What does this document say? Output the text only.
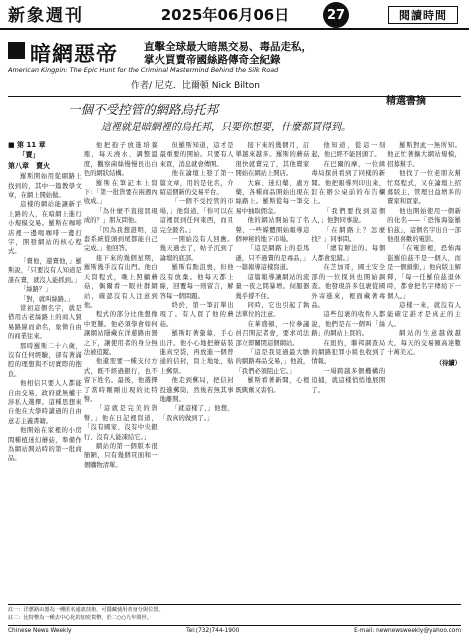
新象週刊	2025年06月06日	27	閱讀時間
暗網惡帝 直擊全球最大暗黑交易、毒品走私，
掌火買賣帝國絲路傳奇全紀錄
American Kingpin: The Epic Hunt for the Criminal Mastermind Behind the Silk Road
作者/ 尼克．比爾頓 Nick Bilton
精選書摘
一個不受控管的網路烏托邦
這裡就是暗網裡的烏托邦，只要你想要，什麼都買得到。

■ 第 11 章

　　「賣」

第八章　賣火

羅斯開始用從網路上找到的，其中一篇教學文章，在網上開始做。

這樣的網站能讓新手上路的人，在暗網上進行小規模交易。羅斯在咖啡店裡一邊喝咖啡一邊打字，開發網站的核心程式。

「賣他，還賣他，」羅斯說，「只要沒有人知道是誰在賣，就沒人能抓到。」

「絲路？」

「對，就叫絲路。」

當初這個名字，就是借用古老絲路上的商人貿易路線而命名，象徵自由的商業往來。

那時羅斯二十六歲，沒有任何經驗，卻有著滿腔的理想與不切實際的抱負。

他相信只要人人都能自由交易，政府就無權干涉私人選擇。這種思想來自他在大學時讀過的自由意志主義書籍。

他開始在家裡的小房間種植迷幻蘑菇，準備作為網站開站時的第一批商品。

他把孢子放進培養瓶，每天澆水、調整溫度，觀察菌絲慢慢長出白色的網狀結構。

羅斯在筆記本上寫下：「第一批貨要在兩週內收成。」

「為什麼不直接買現成的？」朋友問他。

「因為我想證明，這套系統從頭到尾都能自己完成。」他回答。

接下來的幾個星期，羅斯幾乎沒有出門。他白天寫程式，晚上照顧蘑菇，偶爾看一眼社群網站，確認沒有人注意到他。

程式的部分比他想像中更難。他必須學會如何讓網站隱藏在洋蔥路由器之下，讓使用者的身分無法被追蹤。

他還需要一種支付方式，既不經過銀行，也不留下姓名。最後，他選擇了當時剛剛出現的比特幣。

「這就是完美的貨幣，」他在日記裡寫道，「沒有國家、沒有中央銀行、沒有人能凍結它。」

網站的第一個版本很簡陋，只有幾個頁面和一個購物清單。

但羅斯知道，這才是最重要的開始。只要有人來買，消息就會傳開。

他在論壇上發了第一篇文章，用的是化名，介紹這個新的交易平台。

「一個不受控管的市場，」他寫道，「你可以在這裡買到任何東西，而且完全匿名。」

一開始沒有人回應。幾天過去了，帖子沉到了論壇的底部。

羅斯有點沮喪，但他沒有放棄。他每天都上線，回覆每一則留言，解答每一個問題。

終於，第一筆訂單出現了。有人買了他的蘑菇。

羅斯盯著螢幕，手心出汗。他小心地把蘑菇裝進真空袋，再放進一個普通的信封，寫上地址，貼上郵票。

他走到郵局，把信封投進郵筒，然後若無其事地離開。

「就這樣了，」他想，「我真的做到了。」

接下來的幾個月，訂單越來越多。羅斯的蘑菇很快就賣完了，其他賣家開始在網站上開店。

大麻、迷幻藥、處方藥，各種商品開始出現在絲路上。羅斯從每一筆交易中抽取佣金。

他的網站開始有了名聲，一些媒體開始報導這個神秘的地下市場。

「這是網路上的亞馬遜，只不過賣的是毒品，」一篇報導這樣寫道。

這篇報導讓網站的流量一夜之間暴增。伺服器幾乎撐不住。

同時，它也引起了執法單位的注意。

在華盛頓，一位參議員召開記者會，要求司法部立即關閉這個網站。

「這是我見過最大膽的網路毒品交易，」他說，「我們必須阻止它。」

羅斯看著新聞，心裡既興奮又害怕。

他知道，從這一刻起，他已經不能回頭了。

在巴爾的摩，一位緝毒局探員看到了同樣的新聞。他把報導列印出來，釘在辦公桌前的布告欄上。

「我們要找到這個人，」他對同事說。

「在網路上？怎麼找？」同事問。

「總有辦法的。每個人都會犯錯。」

在芝加哥，國土安全部的一位探員也開始調查。他發現許多包裹從國外寄進來，裡面藏著毒品。

這些包裹的收件人都說，他們是在一個叫「絲路」的網站上買的。

在紐約，聯邦調查局的網路犯罪小組也收到了情報。

一場跨越多個機構的追捕，就這樣悄悄地展開了。

羅斯對此一無所知。他正忙著擴大網站規模，招募幫手。

他找了一位老朋友幫忙寫程式，又在論壇上招募版主，管理日益增多的賣家和買家。

他也開始使用一個新的化名——「恐怖海盜羅伯茲」，這個名字出自一部他很喜歡的電影。

「在電影裡，恐怖海盜羅伯茲不是一個人，而是一個頭銜，」他向版主解釋，「每一任羅伯茲退休時，都會把名字傳給下一個人。」

這樣一來，就沒有人能確定誰才是真正的主人。

網站的生意越做越大，每天的交易額高達數十萬美元。

（待續）

註一：洋蔥路由器為一種匿名通訊技術，可隱藏使用者身分與位置。
註二：比特幣為一種去中心化的加密貨幣，於二○○九年問世。
Chinese News Weekly	Tel:(732)744-1900	E-mail: newnewsweekly@yahoo.com
